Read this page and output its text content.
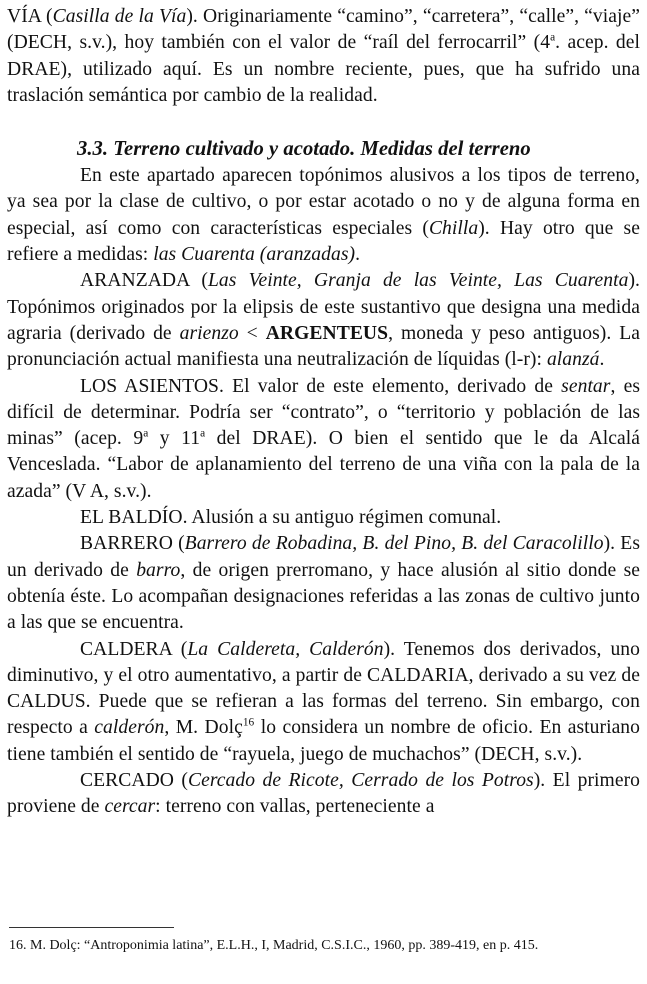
VÍA (Casilla de la Vía). Originariamente “camino”, “carretera”, “calle”, “viaje” (DECH, s.v.), hoy también con el valor de “raíl del ferrocarril” (4$^a$. acep. del DRAE), utilizado aquí. Es un nombre reciente, pues, que ha sufrido una traslación semántica por cambio de la realidad.

3.3. Terreno cultivado y acotado. Medidas del terreno

En este apartado aparecen topónimos alusivos a los tipos de terreno, ya sea por la clase de cultivo, o por estar acotado o no y de alguna forma en especial, así como con características especiales (Chilla). Hay otro que se refiere a medidas: las Cuarenta (aranzadas).

ARANZADA (Las Veinte, Granja de las Veinte, Las Cuarenta). Topónimos originados por la elipsis de este sustantivo que designa una medida agraria (derivado de arienzo < ARGENTEUS, moneda y peso antiguos). La pronunciación actual manifiesta una neutralización de líquidas (l-r): alanzá.

LOS ASIENTOS. El valor de este elemento, derivado de sentar, es difícil de determinar. Podría ser “contrato”, o “territorio y población de las minas” (acep. 9$^a$ y 11$^a$ del DRAE). O bien el sentido que le da Alcalá Venceslada. “Labor de aplanamiento del terreno de una viña con la pala de la azada” (V A, s.v.).

EL BALDÍO. Alusión a su antiguo régimen comunal.

BARRERO (Barrero de Robadina, B. del Pino, B. del Caracolillo). Es un derivado de barro, de origen prerromano, y hace alusión al sitio donde se obtenía éste. Lo acompañan designaciones referidas a las zonas de cultivo junto a las que se encuentra.

CALDERA (La Caldereta, Calderón). Tenemos dos derivados, uno diminutivo, y el otro aumentativo, a partir de CALDARIA, derivado a su vez de CALDUS. Puede que se refieran a las formas del terreno. Sin embargo, con respecto a calderón, M. Dolç$^{16}$ lo considera un nombre de oficio. En asturiano tiene también el sentido de “rayuela, juego de muchachos” (DECH, s.v.).

CERCADO (Cercado de Ricote, Cerrado de los Potros). El primero proviene de cercar: terreno con vallas, perteneciente a

16. M. Dolç: “Antroponimia latina”, E.L.H., I, Madrid, C.S.I.C., 1960, pp. 389-419, en p. 415.
